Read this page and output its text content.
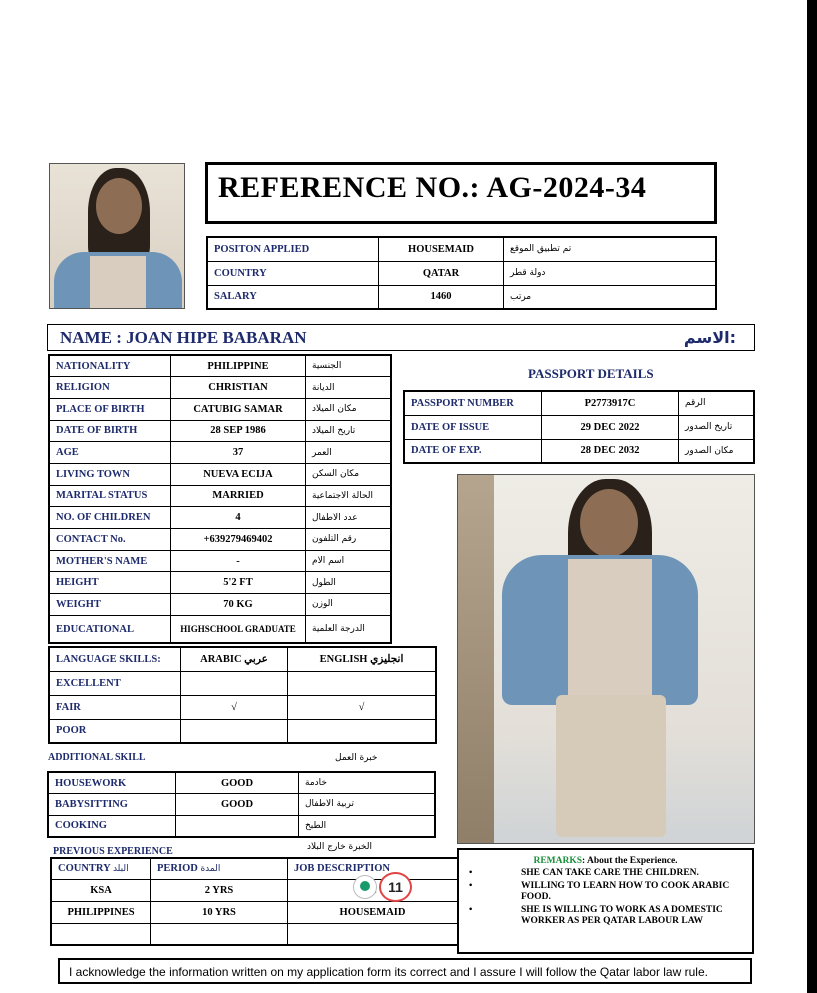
REFERENCE NO.: AG-2024-34
POSITON APPLIED	HOUSEMAID	تم تطبيق الموقع
COUNTRY	QATAR	دولة قطر
SALARY	1460	مرتب
NAME : JOAN HIPE BABARAN	الاسم:
NATIONALITY	PHILIPPINE	الجنسية
RELIGION	CHRISTIAN	الديانة
PLACE OF BIRTH	CATUBIG SAMAR	مكان الميلاد
DATE OF BIRTH	28 SEP 1986	تاريخ الميلاد
AGE	37	العمر
LIVING TOWN	NUEVA ECIJA	مكان السكن
MARITAL STATUS	MARRIED	الحالة الاجتماعية
NO. OF CHILDREN	4	عدد الاطفال
CONTACT No.	+639279469402	رقم التلفون
MOTHER'S NAME	-	اسم الام
HEIGHT	5'2 FT	الطول
WEIGHT	70 KG	الوزن
EDUCATIONAL	HIGHSCHOOL GRADUATE	الدرجة العلمية
PASSPORT DETAILS
PASSPORT NUMBER	P2773917C	الرقم
DATE OF ISSUE	29 DEC 2022	تاريخ الصدور
DATE OF EXP.	28 DEC 2032	مكان الصدور
LANGUAGE SKILLS:	ARABIC عربي	ENGLISH انجليزي
EXCELLENT		
FAIR	√	√
POOR		
ADDITIONAL SKILL	خبرة العمل
HOUSEWORK	GOOD	خادمة
BABYSITTING	GOOD	تربية الاطفال
COOKING		الطبخ
PREVIOUS EXPERIENCE	الخبرة خارج البلاد
COUNTRY البلد	PERIOD المدة	JOB DESCRIPTION
KSA	2 YRS	
PHILIPPINES	10 YRS	HOUSEMAID

REMARKS: About the Experience.
• SHE CAN TAKE CARE THE CHILDREN.
• WILLING TO LEARN HOW TO COOK ARABIC FOOD.
• SHE IS WILLING TO WORK AS A DOMESTIC WORKER AS PER QATAR LABOUR LAW
11
I acknowledge the information written on my application form its correct and I assure I will follow the Qatar labor law rule.
